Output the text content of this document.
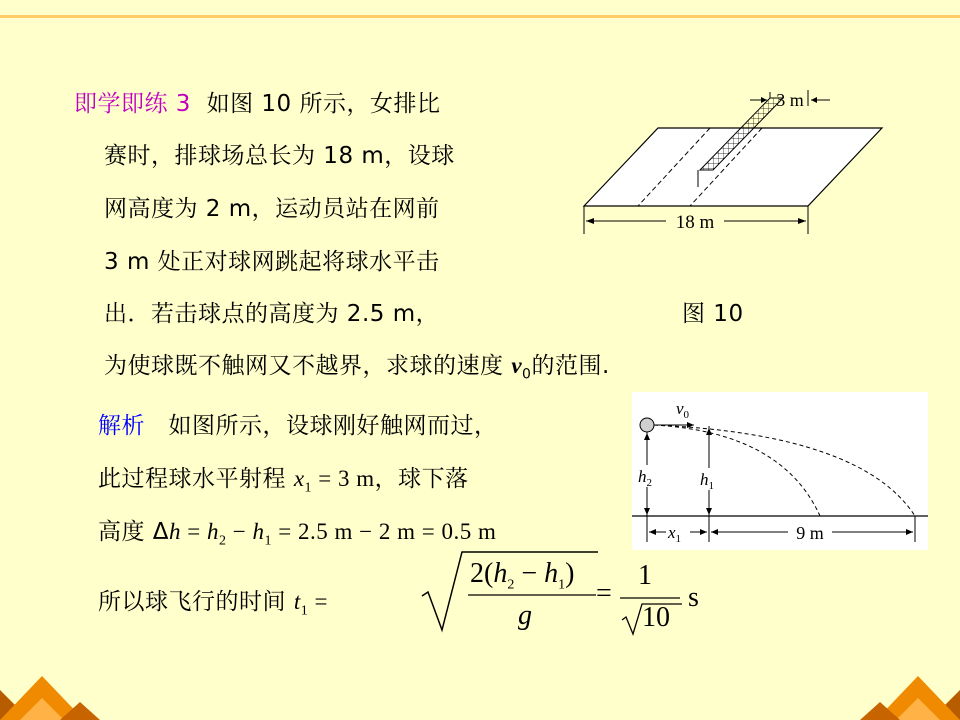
即学即练 3 如图 10 所示，女排比
赛时，排球场总长为 18 m，设球
网高度为 2 m，运动员站在网前
3 m 处正对球网跳起将球水平击
出．若击球点的高度为 2.5 m，	图 10
为使球既不触网又不越界，求球的速度 $v_0$的范围.
18 m
3 m
解析 如图所示，设球刚好触网而过，
此过程球水平射程 $x_1 = 3$ m，球下落
高度 $\Delta h = h_2 - h_1 = 2.5$ m − 2 m = 0.5 m
所以球飞行的时间 $t_1$ =
$2(h_2 - h_1)$
g
=
1
10
s
$v_0$
$h_2$	$h_1$
$x_1$	9 m
